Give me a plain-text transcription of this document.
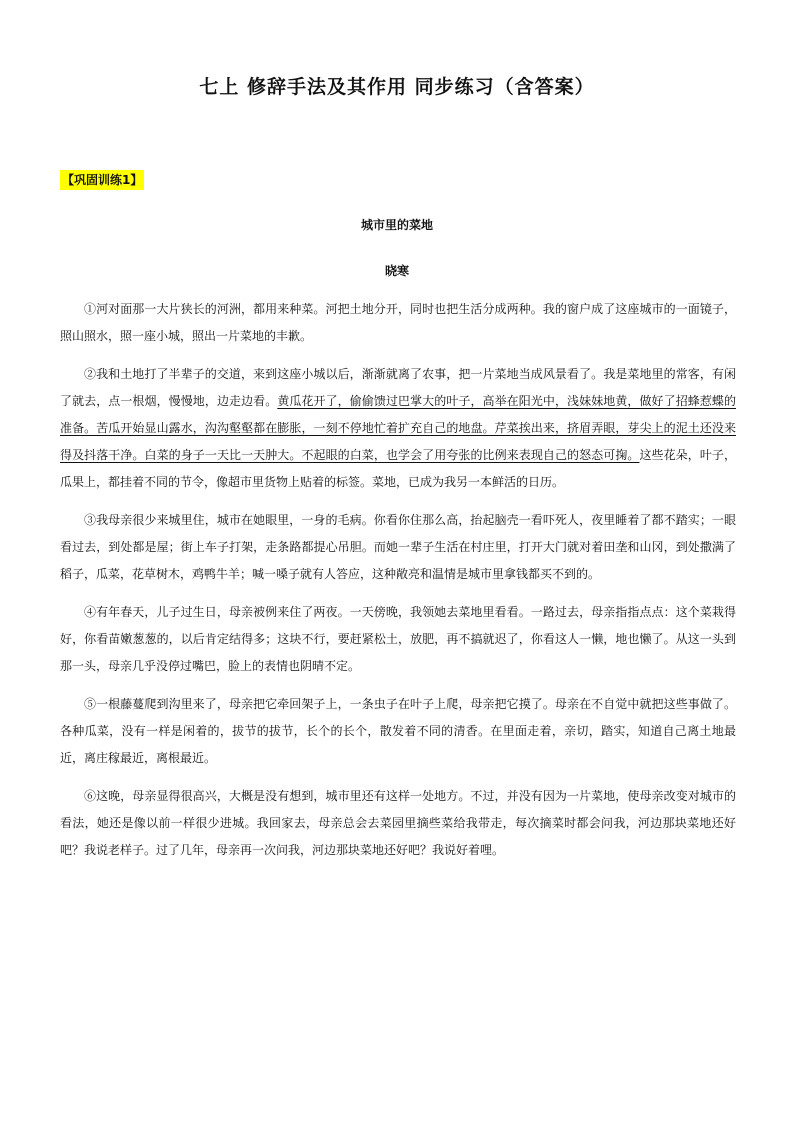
七上 修辞手法及其作用 同步练习（含答案）
【巩固训练1】
城市里的菜地
晓寒

①河对面那一大片狭长的河洲，都用来种菜。河把土地分开，同时也把生活分成两种。我的窗户成了这座城市的一面镜子，照山照水，照一座小城，照出一片菜地的丰歉。

②我和土地打了半辈子的交道，来到这座小城以后，渐渐就离了农事，把一片菜地当成风景看了。我是菜地里的常客，有闲了就去，点一根烟，慢慢地，边走边看。黄瓜花开了，偷偷馈过巴掌大的叶子，高举在阳光中，浅妹妹地黄，做好了招蜂惹蝶的准备。苦瓜开始显山露水，沟沟壑壑都在膨胀，一刻不停地忙着扩充自己的地盘。芹菜挨出来，挤眉弄眼，芽尖上的泥土还没来得及抖落干净。白菜的身子一天比一天肿大。不起眼的白菜，也学会了用夸张的比例来表现自己的怒态可掬。这些花朵，叶子，瓜果上，都挂着不同的节令，像超市里货物上贴着的标签。菜地，已成为我另一本鲜活的日历。

③我母亲很少来城里住，城市在她眼里，一身的毛病。你看你住那么高，抬起脑壳一看吓死人，夜里睡着了都不踏实；一眼看过去，到处都是屋；街上车子打架，走条路都提心吊胆。而她一辈子生活在村庄里，打开大门就对着田垄和山冈，到处撒满了稻子，瓜菜，花草树木，鸡鸭牛羊；喊一嗓子就有人答应，这种敞亮和温情是城市里拿钱都买不到的。

④有年春天，儿子过生日，母亲被例来住了两夜。一天傍晚，我领她去菜地里看看。一路过去，母亲指指点点：这个菜栽得好，你看苗嫩葱葱的，以后肯定结得多；这块不行，要赶紧松土，放肥，再不搞就迟了，你看这人一懒，地也懒了。从这一头到那一头，母亲几乎没停过嘴巴，脸上的表情也阴晴不定。

⑤一根藤蔓爬到沟里来了，母亲把它牵回架子上，一条虫子在叶子上爬，母亲把它摸了。母亲在不自觉中就把这些事做了。各种瓜菜，没有一样是闲着的，拔节的拔节，长个的长个，散发着不同的清香。在里面走着，亲切，踏实，知道自己离土地最近，离庄稼最近，离根最近。

⑥这晚，母亲显得很高兴，大概是没有想到，城市里还有这样一处地方。不过，并没有因为一片菜地，使母亲改变对城市的看法，她还是像以前一样很少进城。我回家去，母亲总会去菜园里摘些菜给我带走，每次摘菜时都会问我，河边那块菜地还好吧？我说老样子。过了几年，母亲再一次问我，河边那块菜地还好吧？我说好着哩。
